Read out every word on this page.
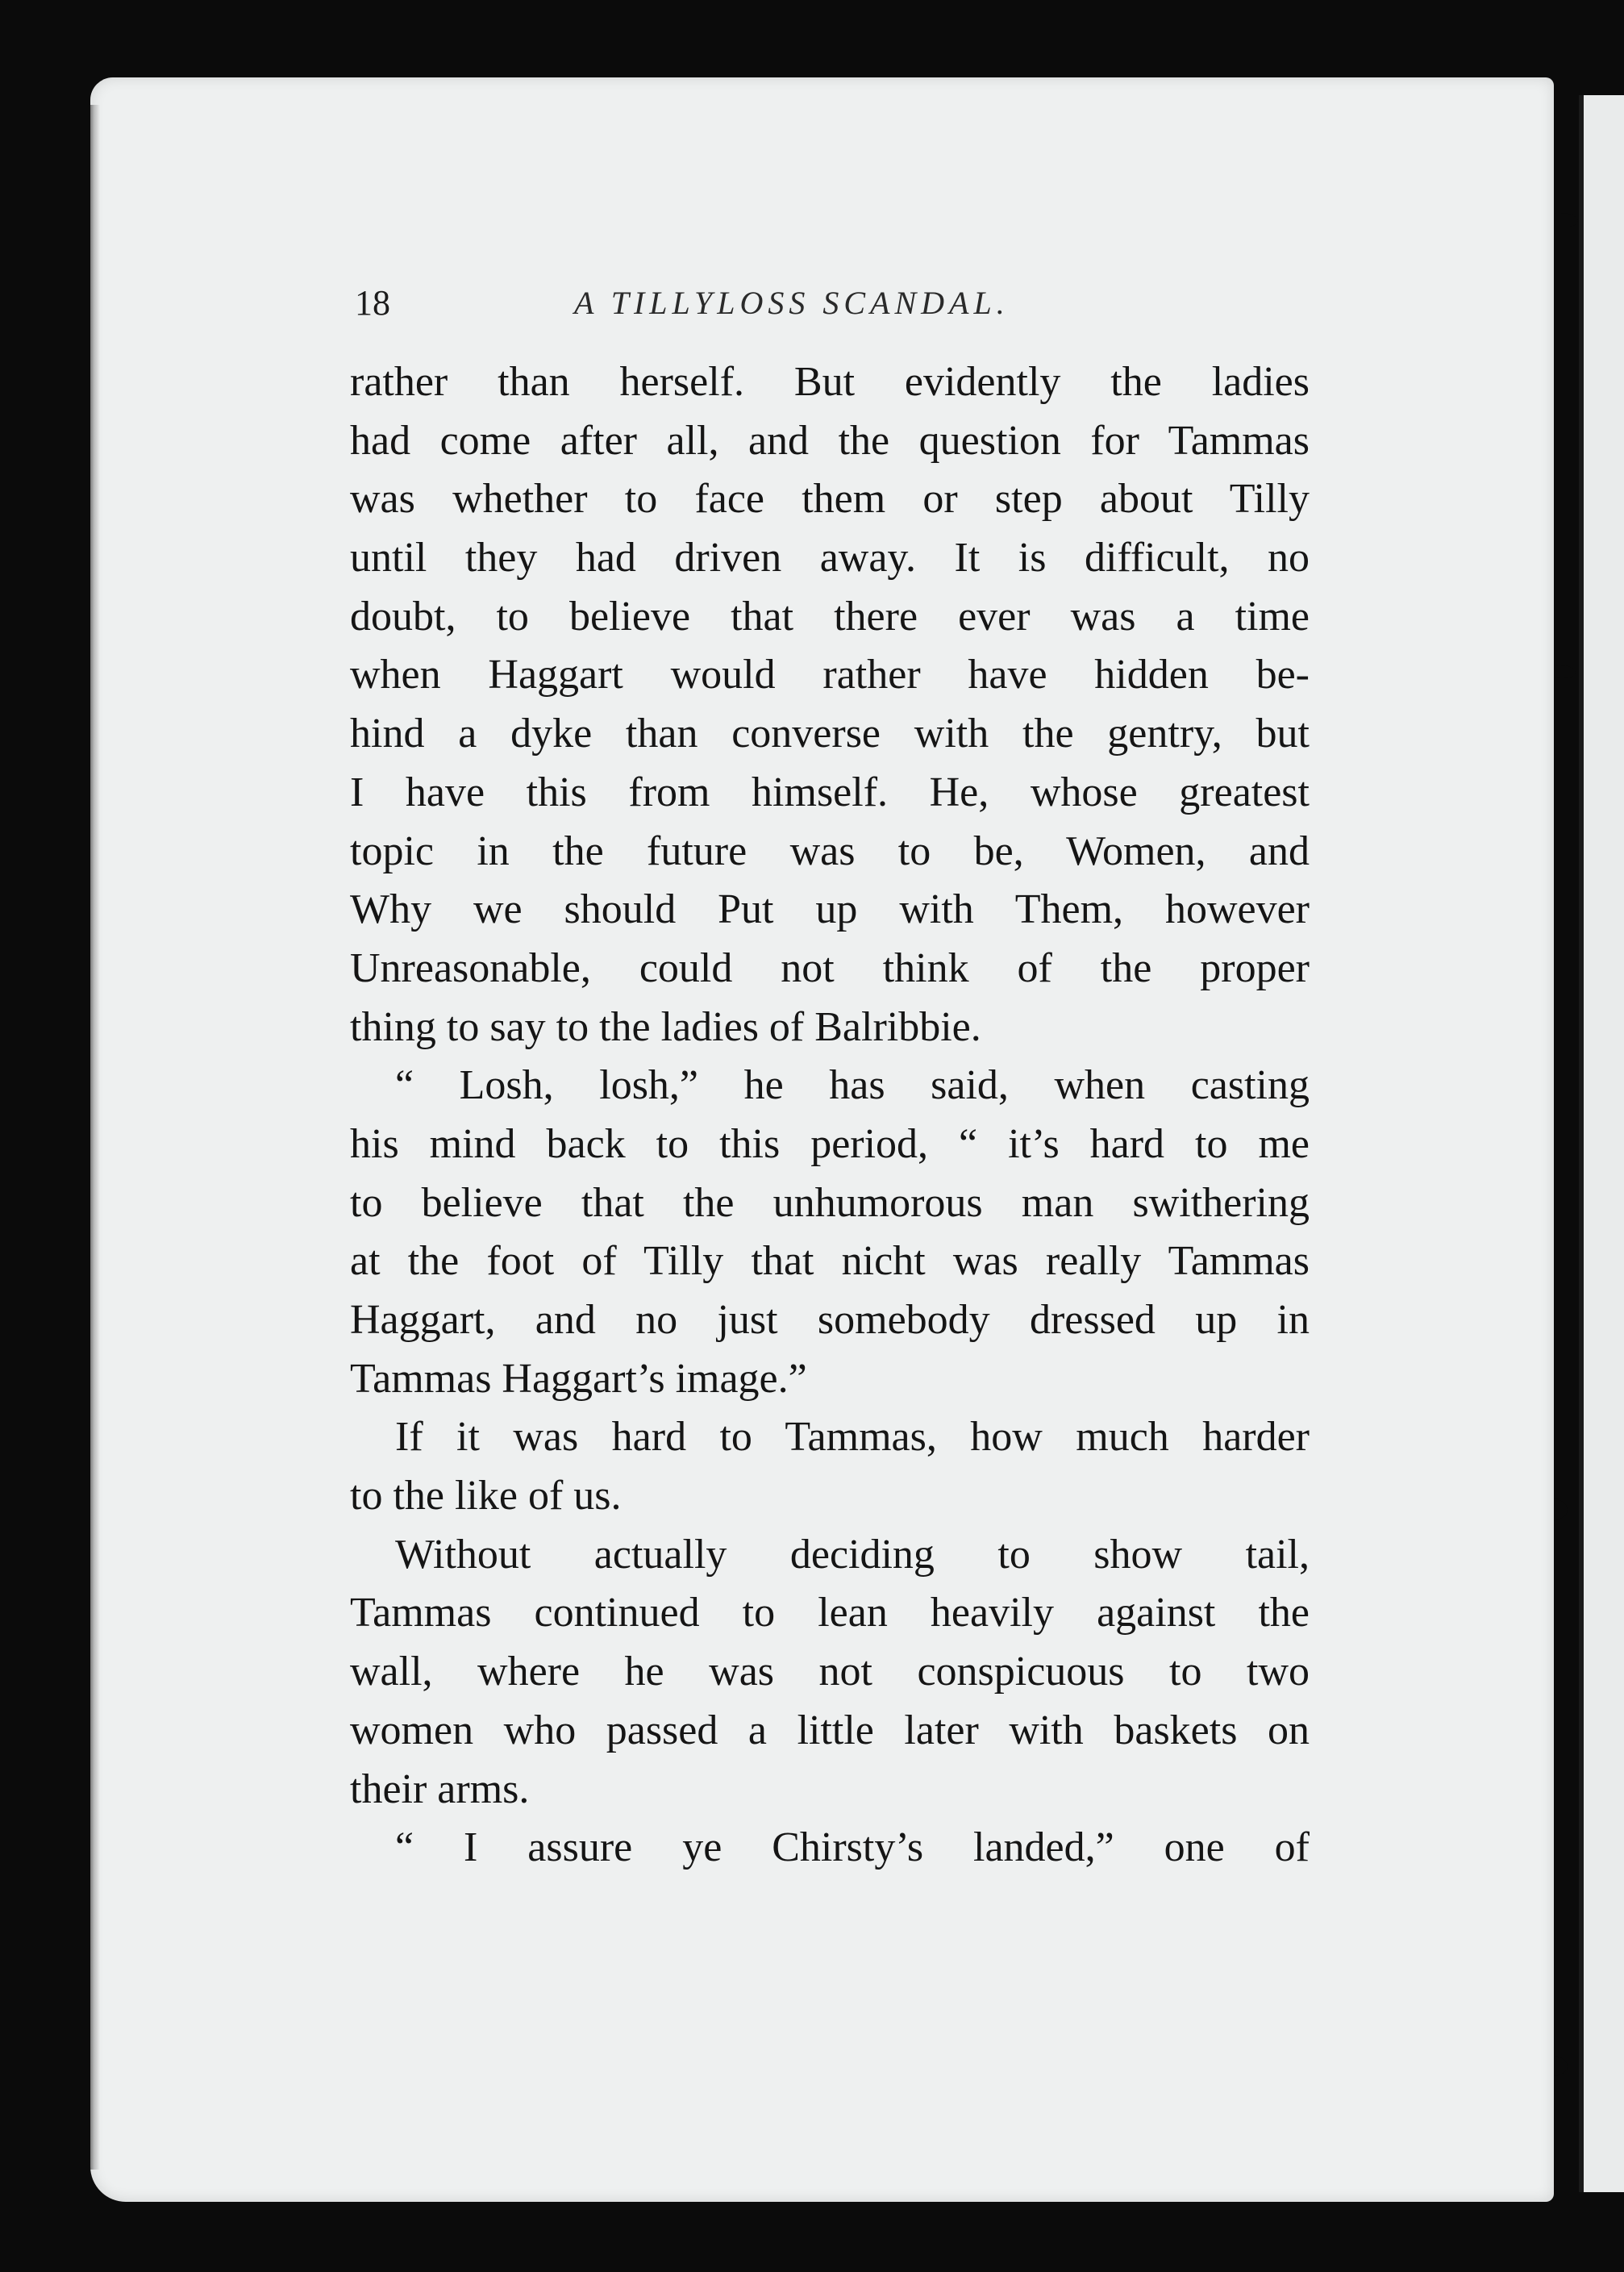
18	A TILLYLOSS SCANDAL.
rather than herself. But evidently the ladies
had come after all, and the question for Tammas
was whether to face them or step about Tilly
until they had driven away. It is difficult, no
doubt, to believe that there ever was a time
when Haggart would rather have hidden be-
hind a dyke than converse with the gentry, but
I have this from himself. He, whose greatest
topic in the future was to be, Women, and
Why we should Put up with Them, however
Unreasonable, could not think of the proper
thing to say to the ladies of Balribbie.
“ Losh, losh,” he has said, when casting
his mind back to this period, “ it’s hard to me
to believe that the unhumorous man swithering
at the foot of Tilly that nicht was really Tammas
Haggart, and no just somebody dressed up in
Tammas Haggart’s image.”
If it was hard to Tammas, how much harder
to the like of us.
Without actually deciding to show tail,
Tammas continued to lean heavily against the
wall, where he was not conspicuous to two
women who passed a little later with baskets on
their arms.
“ I assure ye Chirsty’s landed,” one of
